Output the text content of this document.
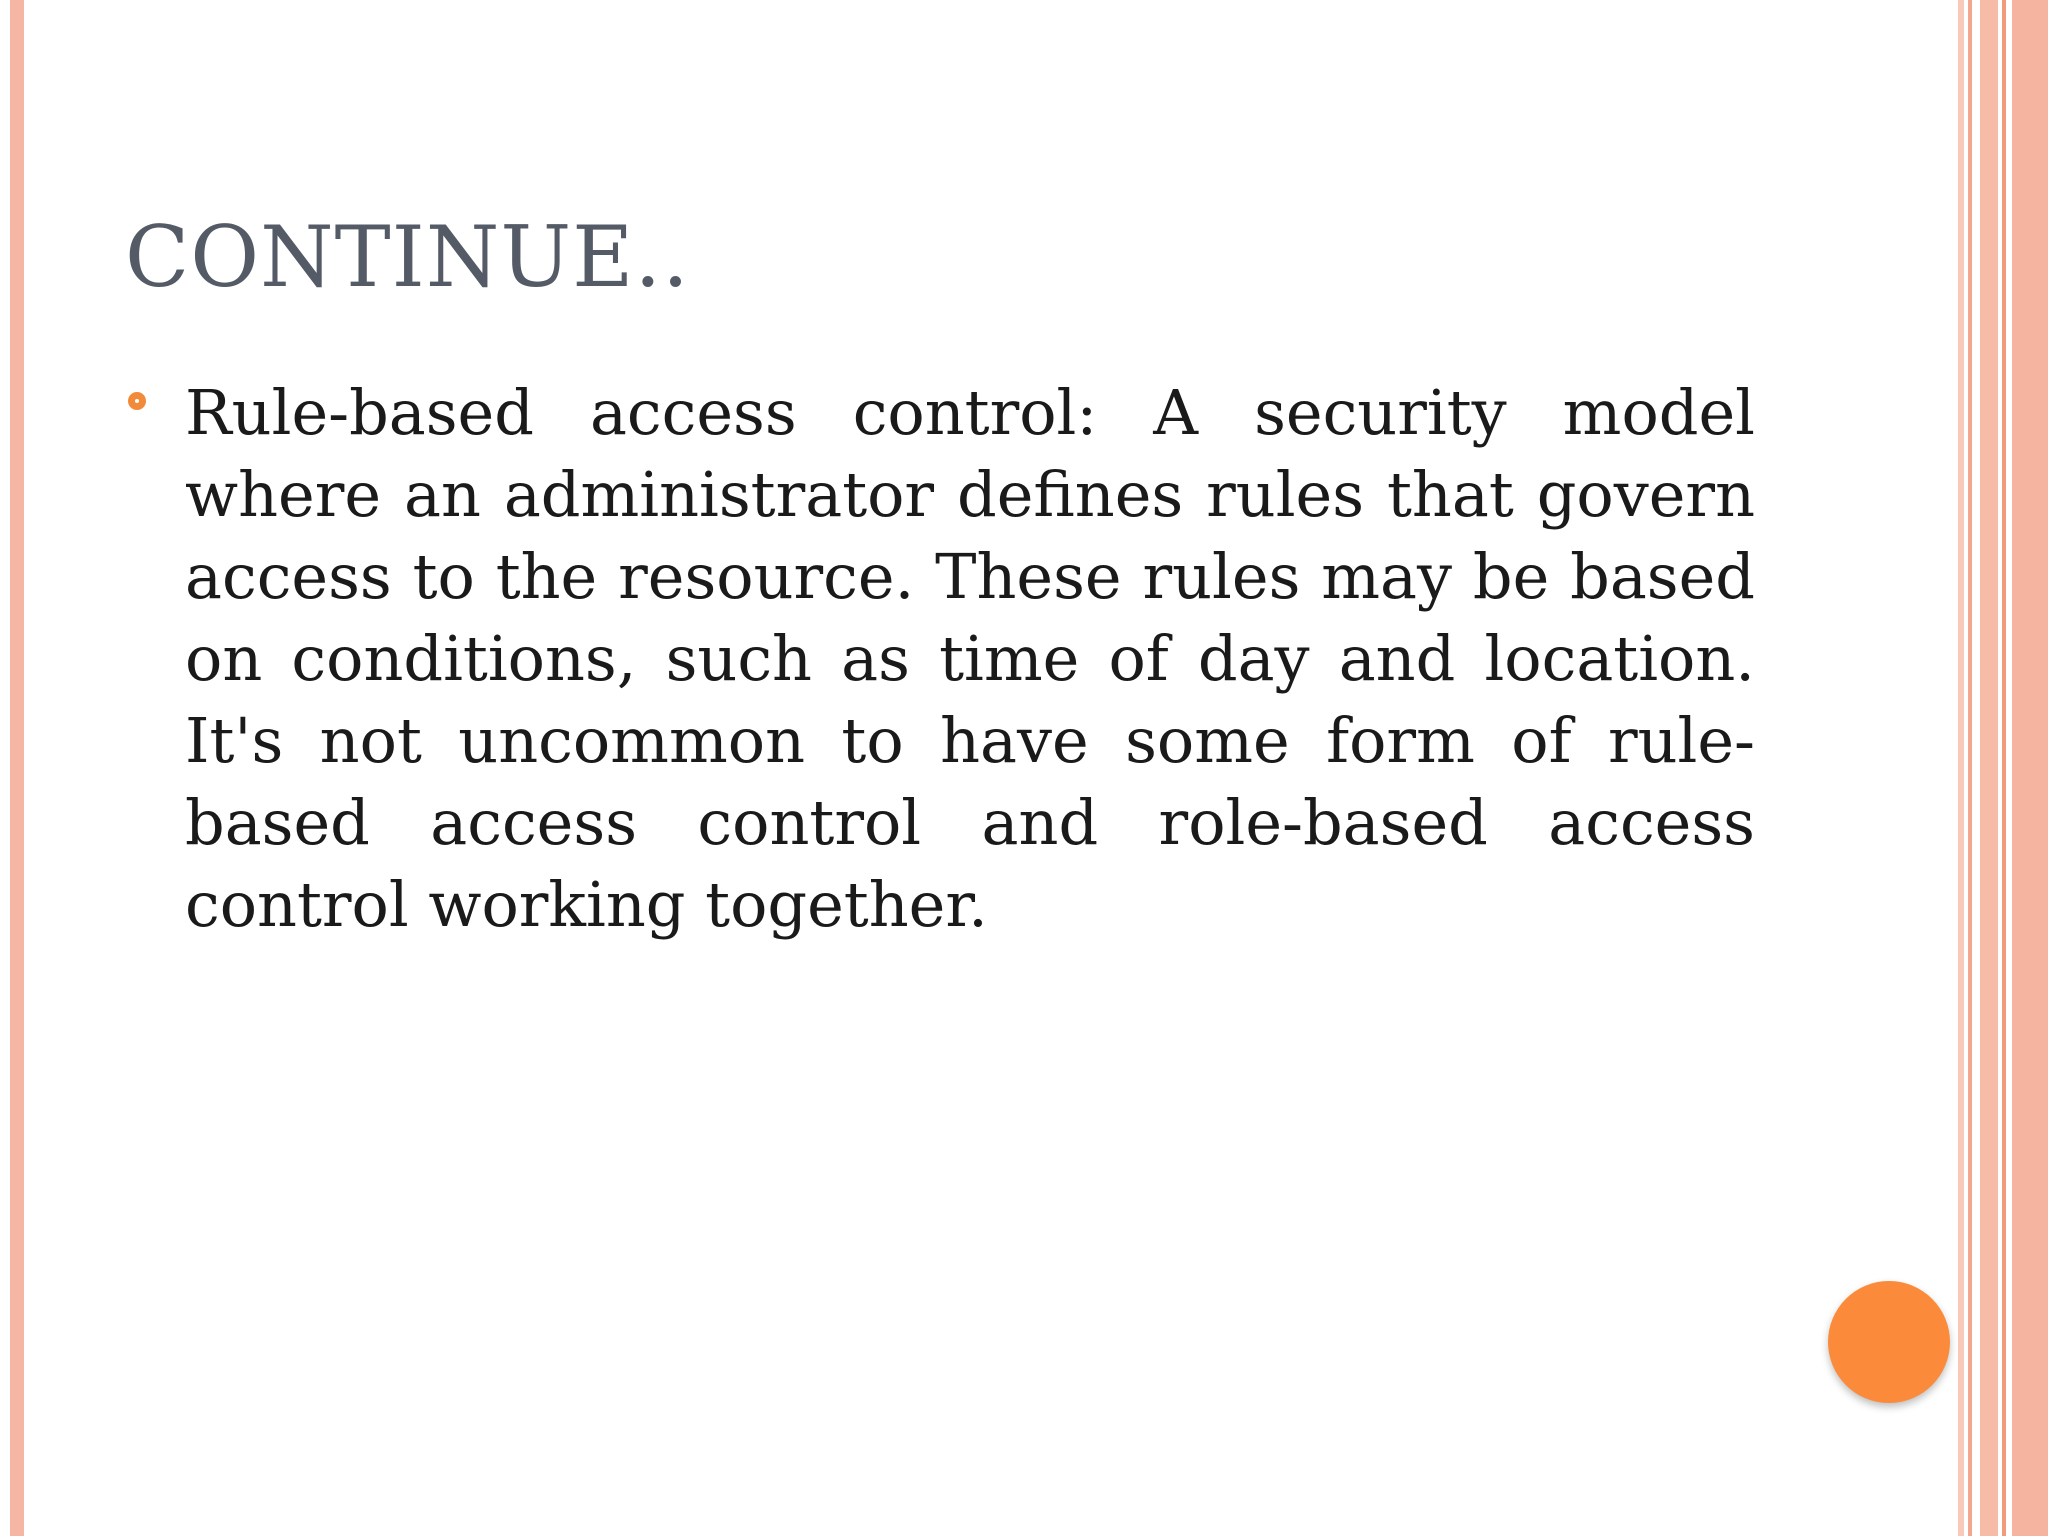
CONTINUE..
Rule-based access control: A security model where an administrator defines rules that govern access to the resource. These rules may be based on conditions, such as time of day and location. It's not uncommon to have some form of rule-based access control and role-based access control working together.
